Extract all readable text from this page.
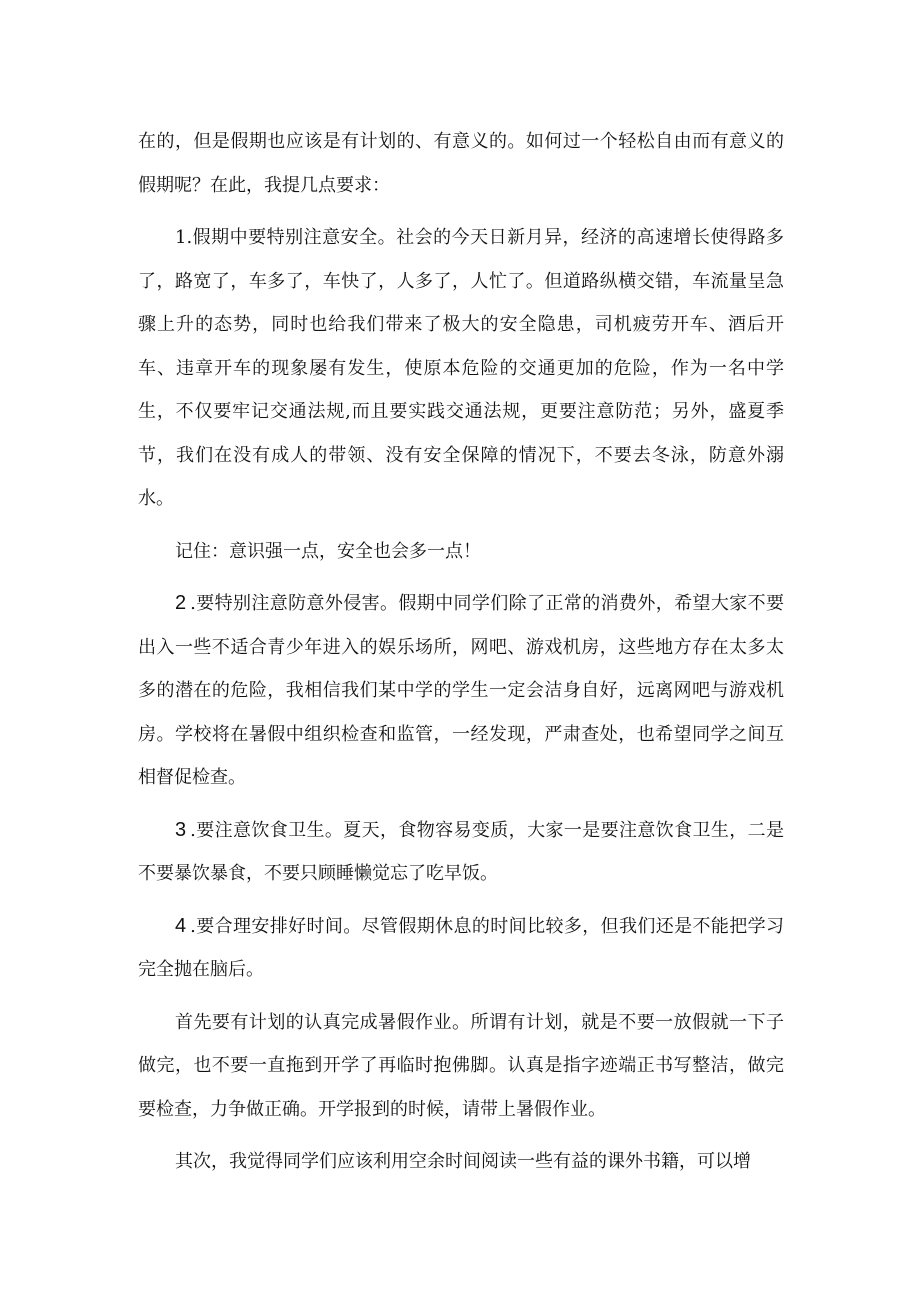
在的，但是假期也应该是有计划的、有意义的。如何过一个轻松自由而有意义的假期呢？在此，我提几点要求：

1.假期中要特别注意安全。社会的今天日新月异，经济的高速增长使得路多了，路宽了，车多了，车快了，人多了，人忙了。但道路纵横交错，车流量呈急骤上升的态势，同时也给我们带来了极大的安全隐患，司机疲劳开车、酒后开车、违章开车的现象屡有发生，使原本危险的交通更加的危险，作为一名中学生，不仅要牢记交通法规,而且要实践交通法规，更要注意防范；另外，盛夏季节，我们在没有成人的带领、没有安全保障的情况下，不要去冬泳，防意外溺水。

记住：意识强一点，安全也会多一点！

2 .要特别注意防意外侵害。假期中同学们除了正常的消费外，希望大家不要出入一些不适合青少年进入的娱乐场所，网吧、游戏机房，这些地方存在太多太多的潜在的危险，我相信我们某中学的学生一定会洁身自好，远离网吧与游戏机房。学校将在暑假中组织检查和监管，一经发现，严肃查处，也希望同学之间互相督促检查。

3 .要注意饮食卫生。夏天，食物容易变质，大家一是要注意饮食卫生，二是不要暴饮暴食，不要只顾睡懒觉忘了吃早饭。

4 .要合理安排好时间。尽管假期休息的时间比较多，但我们还是不能把学习完全抛在脑后。

首先要有计划的认真完成暑假作业。所谓有计划，就是不要一放假就一下子做完，也不要一直拖到开学了再临时抱佛脚。认真是指字迹端正书写整洁，做完要检查，力争做正确。开学报到的时候，请带上暑假作业。

其次，我觉得同学们应该利用空余时间阅读一些有益的课外书籍，可以增
